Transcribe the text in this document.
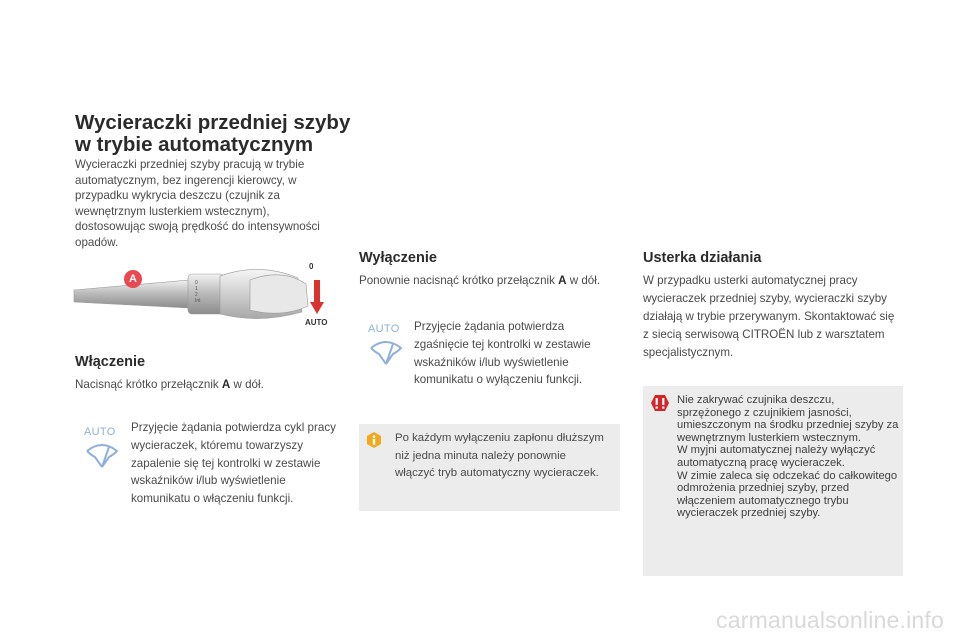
Wycieraczki przedniej szyby
w trybie automatycznym

Wycieraczki przedniej szyby pracują w trybie automatycznym, bez ingerencji kierowcy, w przypadku wykrycia deszczu (czujnik za wewnętrznym lusterkiem wstecznym), dostosowując swoją prędkość do intensywności opadów.

A	0
1
2
Int
0
AUTO
Włączenie

Nacisnąć krótko przełącznik A w dół.

AUTO Przyjęcie żądania potwierdza cykl pracy wycieraczek, któremu towarzyszy zapalenie się tej kontrolki w zestawie wskaźników i/lub wyświetlenie komunikatu o włączeniu funkcji.

Wyłączenie

Ponownie nacisnąć krótko przełącznik A w dół.

AUTO Przyjęcie żądania potwierdza zgaśnięcie tej kontrolki w zestawie wskaźników i/lub wyświetlenie komunikatu o wyłączeniu funkcji.

Po każdym wyłączeniu zapłonu dłuższym niż jedna minuta należy ponownie włączyć tryb automatyczny wycieraczek.

Usterka działania

W przypadku usterki automatycznej pracy wycieraczek przedniej szyby, wycieraczki szyby działają w trybie przerywanym. Skontaktować się z siecią serwisową CITROËN lub z warsztatem specjalistycznym.

Nie zakrywać czujnika deszczu, sprzężonego z czujnikiem jasności, umieszczonym na środku przedniej szyby za wewnętrznym lusterkiem wstecznym.
W myjni automatycznej należy wyłączyć automatyczną pracę wycieraczek.
W zimie zaleca się odczekać do całkowitego odmrożenia przedniej szyby, przed włączeniem automatycznego trybu wycieraczek przedniej szyby.

carmanualsonline.info
